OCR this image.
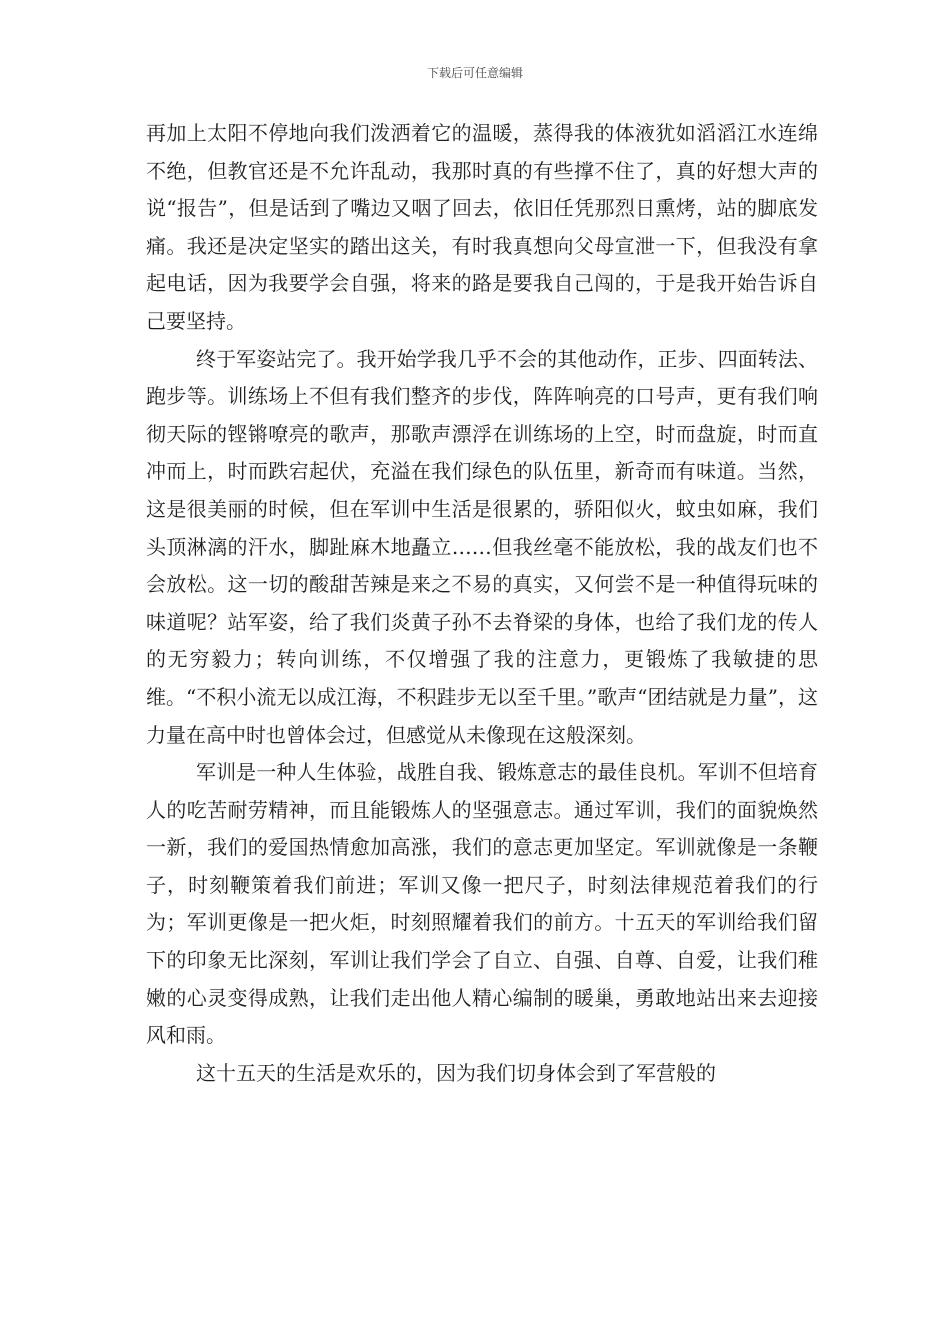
下载后可任意编辑

再加上太阳不停地向我们泼洒着它的温暖，蒸得我的体液犹如滔滔江水连绵不绝，但教官还是不允许乱动，我那时真的有些撑不住了，真的好想大声的说“报告”，但是话到了嘴边又咽了回去，依旧任凭那烈日熏烤，站的脚底发痛。我还是决定坚实的踏出这关，有时我真想向父母宣泄一下，但我没有拿起电话，因为我要学会自强，将来的路是要我自己闯的，于是我开始告诉自己要坚持。

终于军姿站完了。我开始学我几乎不会的其他动作，正步、四面转法、跑步等。训练场上不但有我们整齐的步伐，阵阵响亮的口号声，更有我们响彻天际的铿锵嘹亮的歌声，那歌声漂浮在训练场的上空，时而盘旋，时而直冲而上，时而跌宕起伏，充溢在我们绿色的队伍里，新奇而有味道。当然，这是很美丽的时候，但在军训中生活是很累的，骄阳似火，蚊虫如麻，我们头顶淋漓的汗水，脚趾麻木地矗立……但我丝毫不能放松，我的战友们也不会放松。这一切的酸甜苦辣是来之不易的真实，又何尝不是一种值得玩味的味道呢？站军姿，给了我们炎黄子孙不去脊梁的身体，也给了我们龙的传人的无穷毅力；转向训练，不仅增强了我的注意力，更锻炼了我敏捷的思维。“不积小流无以成江海，不积跬步无以至千里。”歌声“团结就是力量”，这力量在高中时也曾体会过，但感觉从未像现在这般深刻。

军训是一种人生体验，战胜自我、锻炼意志的最佳良机。军训不但培育人的吃苦耐劳精神，而且能锻炼人的坚强意志。通过军训，我们的面貌焕然一新，我们的爱国热情愈加高涨，我们的意志更加坚定。军训就像是一条鞭子，时刻鞭策着我们前进；军训又像一把尺子，时刻法律规范着我们的行为；军训更像是一把火炬，时刻照耀着我们的前方。十五天的军训给我们留下的印象无比深刻，军训让我们学会了自立、自强、自尊、自爱，让我们稚嫩的心灵变得成熟，让我们走出他人精心编制的暖巢，勇敢地站出来去迎接风和雨。

这十五天的生活是欢乐的，因为我们切身体会到了军营般的
